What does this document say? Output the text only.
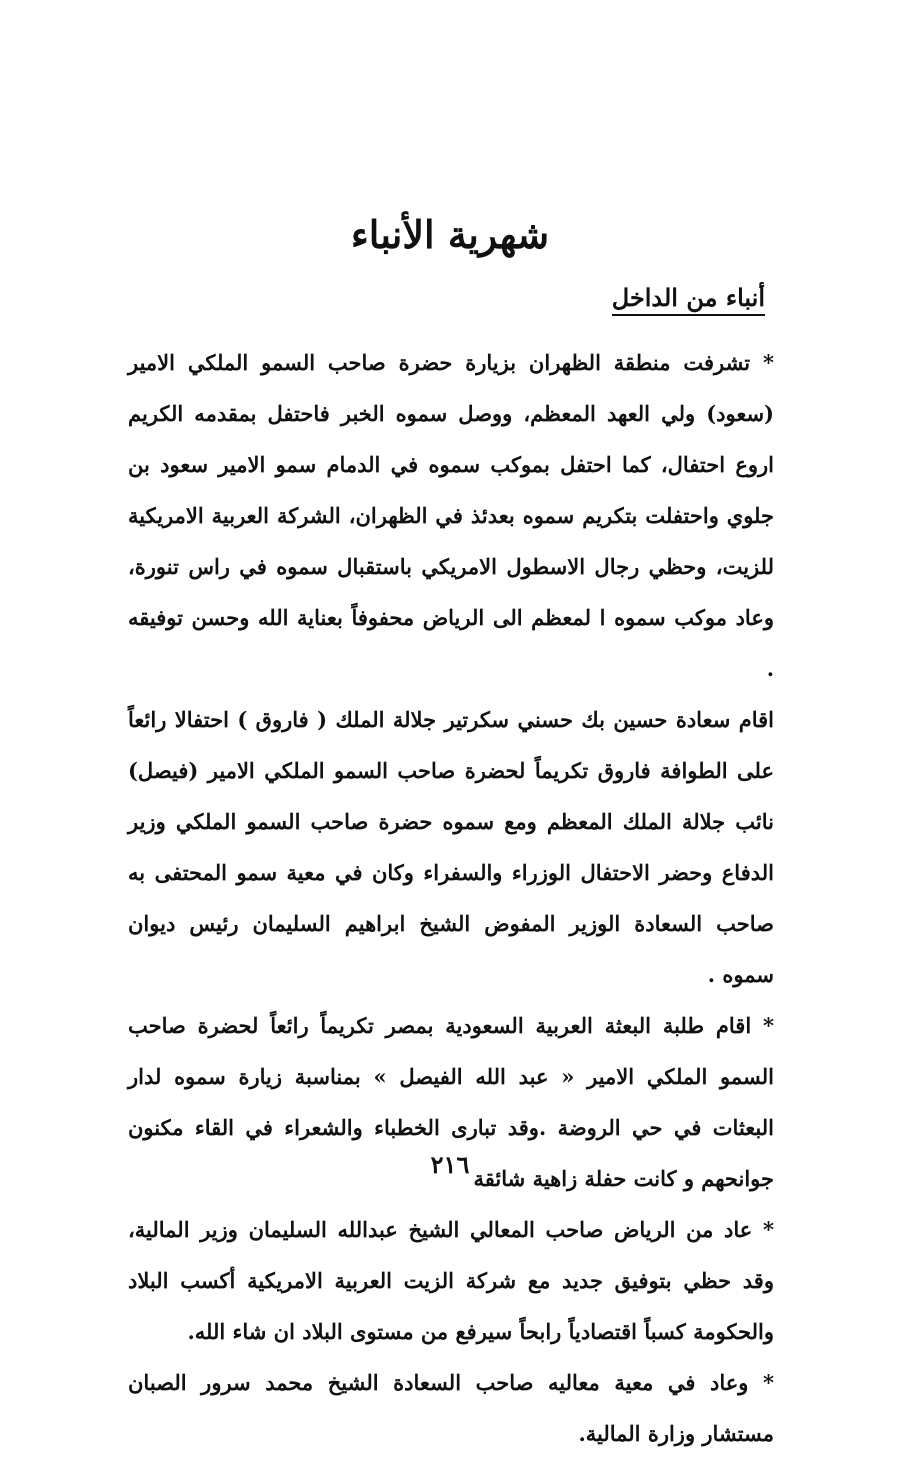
شهرية الأنباء
أنباء من الداخل

* تشرفت منطقة الظهران بزيارة حضرة صاحب السمو الملكي الامير (سعود) ولي العهد المعظم، ووصل سموه الخبر فاحتفل بمقدمه الكريم اروع احتفال، كما احتفل بموكب سموه في الدمام سمو الامير سعود بن جلوي واحتفلت بتكريم سموه بعدئذ في الظهران، الشركة العربية الامريكية للزيت، وحظي رجال الاسطول الامريكي باستقبال سموه في راس تنورة، وعاد موكب سموه ا لمعظم الى الرياض محفوفاً بعناية الله وحسن توفيقه .

اقام سعادة حسين بك حسني سكرتير جلالة الملك ( فاروق ) احتفالا رائعاً على الطوافة فاروق تكريماً لحضرة صاحب السمو الملكي الامير (فيصل) نائب جلالة الملك المعظم ومع سموه حضرة صاحب السمو الملكي وزير الدفاع وحضر الاحتفال الوزراء والسفراء وكان في معية سمو المحتفى به صاحب السعادة الوزير المفوض الشيخ ابراهيم السليمان رئيس ديوان سموه .

* اقام طلبة البعثة العربية السعودية بمصر تكريماً رائعاً لحضرة صاحب السمو الملكي الامير « عبد الله الفيصل » بمناسبة زيارة سموه لدار البعثات في حي الروضة .وقد تبارى الخطباء والشعراء في القاء مكنون جوانحهم و كانت حفلة زاهية شائقة

* عاد من الرياض صاحب المعالي الشيخ عبدالله السليمان وزير المالية، وقد حظي بتوفيق جديد مع شركة الزيت العربية الامريكية أكسب البلاد والحكومة كسباً اقتصادياً رابحاً سيرفع من مستوى البلاد ان شاء الله.

* وعاد في معية معاليه صاحب السعادة الشيخ محمد سرور الصبان مستشار وزارة المالية.

٢١٦
